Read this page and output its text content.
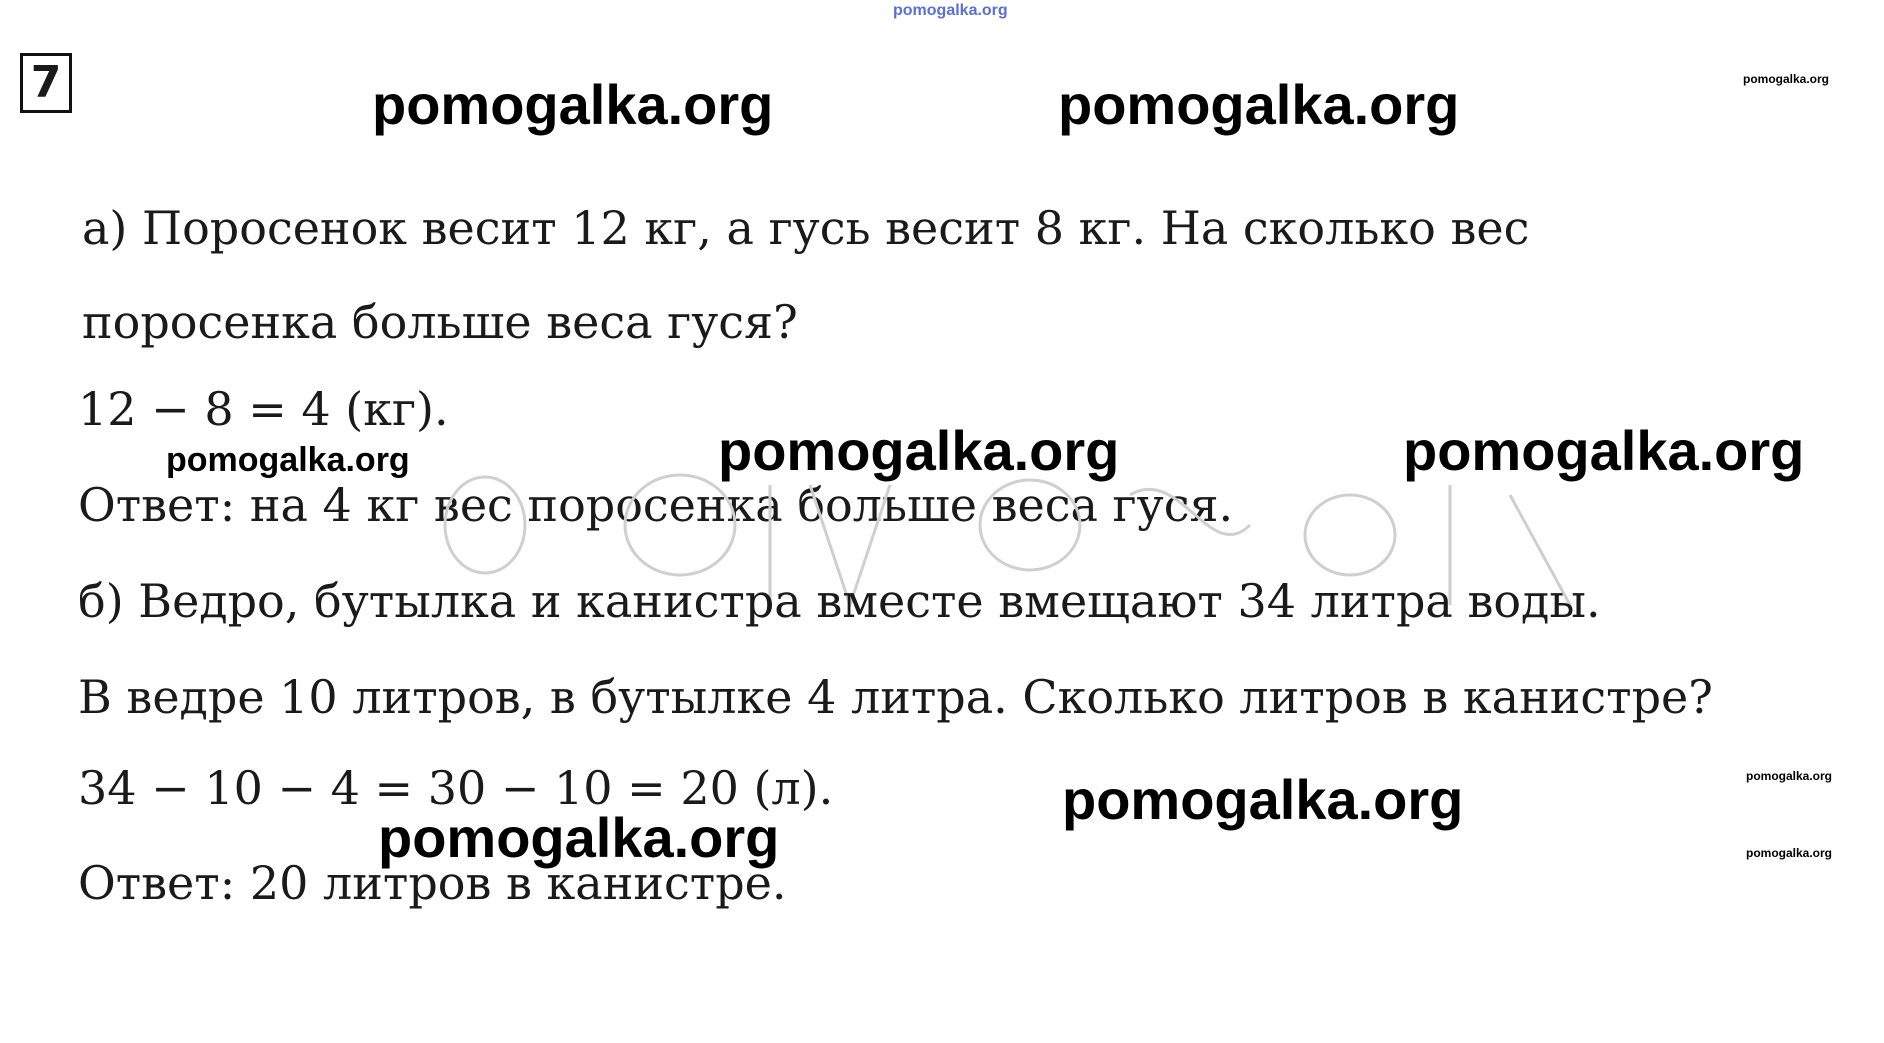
pomogalka.org
7	pomogalka.org	pomogalka.org	pomogalka.org
а) Поросенок весит 12 кг, а гусь весит 8 кг. На сколько вес
поросенка больше веса гуся?
12 − 8 = 4 (кг).
pomogalka.org	pomogalka.org	pomogalka.org
Ответ: на 4 кг вес поросенка больше веса гуся.
б) Ведро, бутылка и канистра вместе вмещают 34 литра воды.
В ведре 10 литров, в бутылке 4 литра. Сколько литров в канистре?
34 − 10 − 4 = 30 − 10 = 20 (л).	pomogalka.org	pomogalka.org
pomogalka.org	pomogalka.org
Ответ: 20 литров в канистре.
